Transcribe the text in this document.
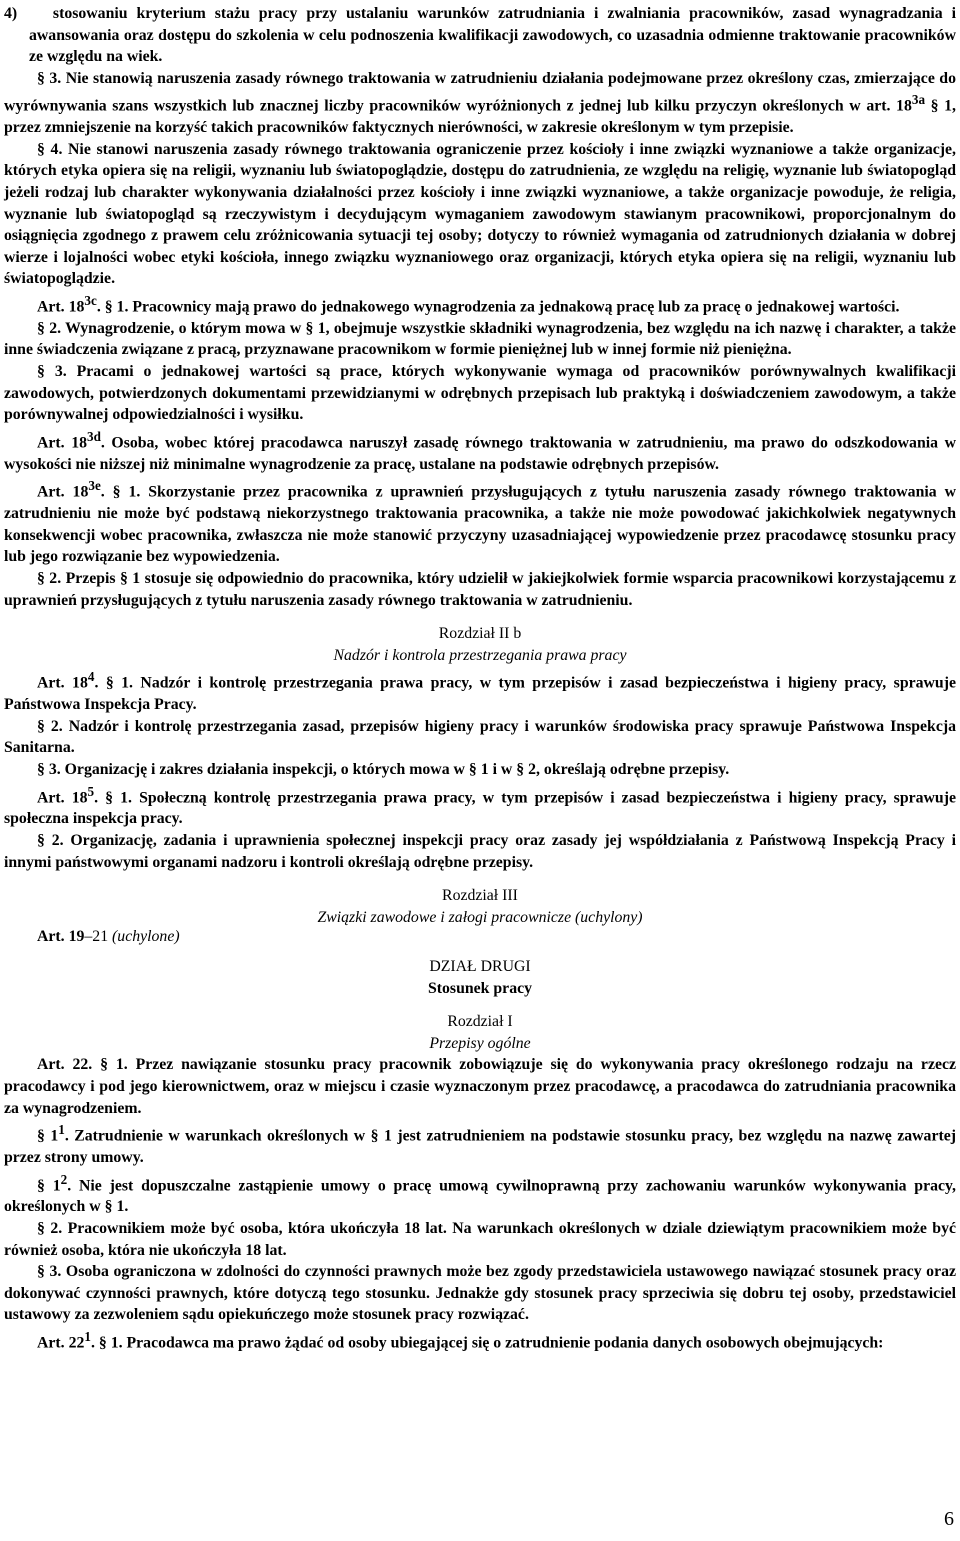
4)    stosowaniu kryterium stażu pracy przy ustalaniu warunków zatrudniania i zwalniania pracowników, zasad wynagradzania i awansowania oraz dostępu do szkolenia w celu podnoszenia kwalifikacji zawodowych, co uzasadnia odmienne traktowanie pracowników ze względu na wiek.

§ 3. Nie stanowią naruszenia zasady równego traktowania w zatrudnieniu działania podejmowane przez określony czas, zmierzające do wyrównywania szans wszystkich lub znacznej liczby pracowników wyróżnionych z jednej lub kilku przyczyn określonych w art. $18^{3a}$ § 1, przez zmniejszenie na korzyść takich pracowników faktycznych nierówności, w zakresie określonym w tym przepisie.

§ 4. Nie stanowi naruszenia zasady równego traktowania ograniczenie przez kościoły i inne związki wyznaniowe a także organizacje, których etyka opiera się na religii, wyznaniu lub światopoglądzie, dostępu do zatrudnienia, ze względu na religię, wyznanie lub światopogląd jeżeli rodzaj lub charakter wykonywania działalności przez kościoły i inne związki wyznaniowe, a także organizacje powoduje, że religia, wyznanie lub światopogląd są rzeczywistym i decydującym wymaganiem zawodowym stawianym pracownikowi, proporcjonalnym do osiągnięcia zgodnego z prawem celu zróżnicowania sytuacji tej osoby; dotyczy to również wymagania od zatrudnionych działania w dobrej wierze i lojalności wobec etyki kościoła, innego związku wyznaniowego oraz organizacji, których etyka opiera się na religii, wyznaniu lub światopoglądzie.

Art. $18^{3c}$. § 1. Pracownicy mają prawo do jednakowego wynagrodzenia za jednakową pracę lub za pracę o jednakowej wartości.

§ 2. Wynagrodzenie, o którym mowa w § 1, obejmuje wszystkie składniki wynagrodzenia, bez względu na ich nazwę i charakter, a także inne świadczenia związane z pracą, przyznawane pracownikom w formie pieniężnej lub w innej formie niż pieniężna.

§ 3. Pracami o jednakowej wartości są prace, których wykonywanie wymaga od pracowników porównywalnych kwalifikacji zawodowych, potwierdzonych dokumentami przewidzianymi w odrębnych przepisach lub praktyką i doświadczeniem zawodowym, a także porównywalnej odpowiedzialności i wysiłku.

Art. $18^{3d}$. Osoba, wobec której pracodawca naruszył zasadę równego traktowania w zatrudnieniu, ma prawo do odszkodowania w wysokości nie niższej niż minimalne wynagrodzenie za pracę, ustalane na podstawie odrębnych przepisów.

Art. $18^{3e}$. § 1. Skorzystanie przez pracownika z uprawnień przysługujących z tytułu naruszenia zasady równego traktowania w zatrudnieniu nie może być podstawą niekorzystnego traktowania pracownika, a także nie może powodować jakichkolwiek negatywnych konsekwencji wobec pracownika, zwłaszcza nie może stanowić przyczyny uzasadniającej wypowiedzenie przez pracodawcę stosunku pracy lub jego rozwiązanie bez wypowiedzenia.

§ 2. Przepis § 1 stosuje się odpowiednio do pracownika, który udzielił w jakiejkolwiek formie wsparcia pracownikowi korzystającemu z uprawnień przysługujących z tytułu naruszenia zasady równego traktowania w zatrudnieniu.

Rozdział II b

Nadzór i kontrola przestrzegania prawa pracy

Art. $18^4$. § 1. Nadzór i kontrolę przestrzegania prawa pracy, w tym przepisów i zasad bezpieczeństwa i higieny pracy, sprawuje Państwowa Inspekcja Pracy.

§ 2. Nadzór i kontrolę przestrzegania zasad, przepisów higieny pracy i warunków środowiska pracy sprawuje Państwowa Inspekcja Sanitarna.

§ 3. Organizację i zakres działania inspekcji, o których mowa w § 1 i w § 2, określają odrębne przepisy.

Art. $18^5$. § 1. Społeczną kontrolę przestrzegania prawa pracy, w tym przepisów i zasad bezpieczeństwa i higieny pracy, sprawuje społeczna inspekcja pracy.

§ 2. Organizację, zadania i uprawnienia społecznej inspekcji pracy oraz zasady jej współdziałania z Państwową Inspekcją Pracy i innymi państwowymi organami nadzoru i kontroli określają odrębne przepisy.

Rozdział III

Związki zawodowe i załogi pracownicze (uchylony)

Art. 19–21 (uchylone)

DZIAŁ DRUGI

Stosunek pracy

Rozdział I

Przepisy ogólne

Art. 22. § 1. Przez nawiązanie stosunku pracy pracownik zobowiązuje się do wykonywania pracy określonego rodzaju na rzecz pracodawcy i pod jego kierownictwem, oraz w miejscu i czasie wyznaczonym przez pracodawcę, a pracodawca do zatrudniania pracownika za wynagrodzeniem.

§ $1^1$. Zatrudnienie w warunkach określonych w § 1 jest zatrudnieniem na podstawie stosunku pracy, bez względu na nazwę zawartej przez strony umowy.

§ $1^2$. Nie jest dopuszczalne zastąpienie umowy o pracę umową cywilnoprawną przy zachowaniu warunków wykonywania pracy, określonych w § 1.

§ 2. Pracownikiem może być osoba, która ukończyła 18 lat. Na warunkach określonych w dziale dziewiątym pracownikiem może być również osoba, która nie ukończyła 18 lat.

§ 3. Osoba ograniczona w zdolności do czynności prawnych może bez zgody przedstawiciela ustawowego nawiązać stosunek pracy oraz dokonywać czynności prawnych, które dotyczą tego stosunku. Jednakże gdy stosunek pracy sprzeciwia się dobru tej osoby, przedstawiciel ustawowy za zezwoleniem sądu opiekuńczego może stosunek pracy rozwiązać.

Art. $22^1$. § 1. Pracodawca ma prawo żądać od osoby ubiegającej się o zatrudnienie podania danych osobowych obejmujących:

6
